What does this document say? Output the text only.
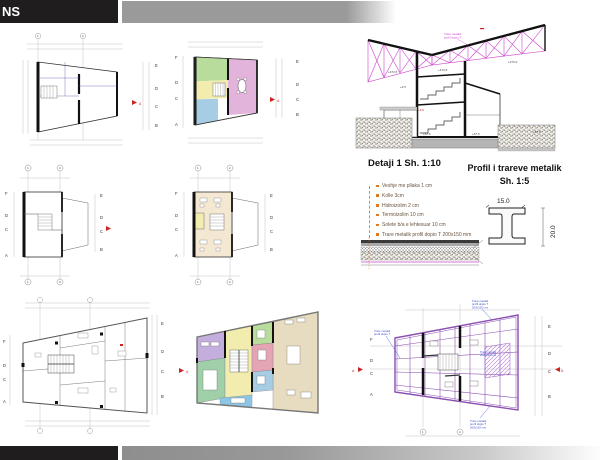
NS
1	2
E
D
C
B
A
F
D
C
A
E
D
C
B
A
+473.5	+473.5
+470.0
+4.5
+0.0
+57.5	+57.5	+57.5
Trare metalik
profil dopio T
1	2
1	2
F
D
C
A
E
D
C
B
1	2
1	2
F
D
C
A
E
D
C
B
Detaji 1 Sh. 1:10
Veshje me pllaka 1 cm
Kolle 3cm
Hidroizolim 2 cm
Termoizolim 10 cm
Solete b/a e lehtesuar 10 cm
Trare metalik profil dopio T 200x150 mm
Profil i trareve metalik
Sh. 1:5
15.0
20.0
F
D
C
A
E
D
C
B
A
1	2
F
D
C
A
E
D
C
B
A	A
Trare metalik
profil dopio T
200x150 mm
Trare metalik
profil dopio T
Trare metalik
200x150 mm
Trare metalik
profil dopio T
200x150 mm
